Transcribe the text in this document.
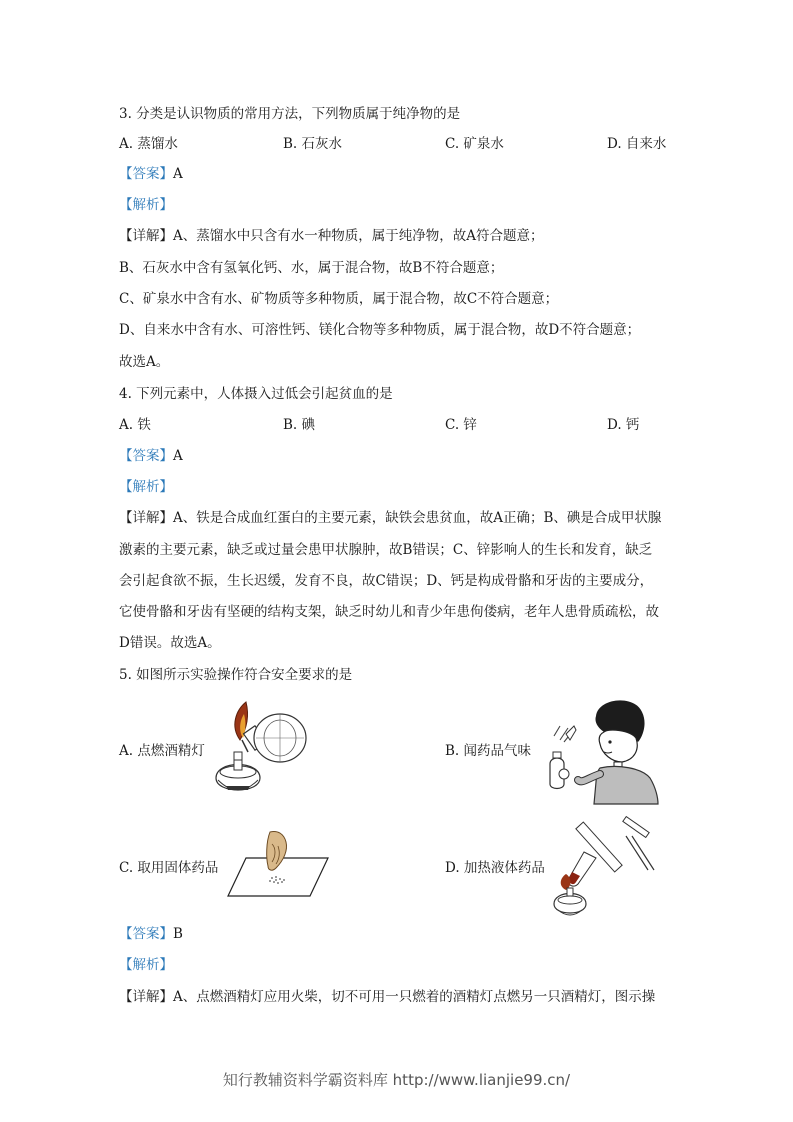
3. 分类是认识物质的常用方法，下列物质属于纯净物的是
A. 蒸馏水	B. 石灰水	C. 矿泉水	D. 自来水
【答案】A
【解析】
【详解】A、蒸馏水中只含有水一种物质，属于纯净物，故A符合题意；
B、石灰水中含有氢氧化钙、水，属于混合物，故B不符合题意；
C、矿泉水中含有水、矿物质等多种物质，属于混合物，故C不符合题意；
D、自来水中含有水、可溶性钙、镁化合物等多种物质，属于混合物，故D不符合题意；
故选A。
4. 下列元素中，人体摄入过低会引起贫血的是
A. 铁	B. 碘	C. 锌	D. 钙
【答案】A
【解析】
【详解】A、铁是合成血红蛋白的主要元素，缺铁会患贫血，故A正确；B、碘是合成甲状腺
激素的主要元素，缺乏或过量会患甲状腺肿，故B错误；C、锌影响人的生长和发育，缺乏
会引起食欲不振，生长迟缓，发育不良，故C错误；D、钙是构成骨骼和牙齿的主要成分，
它使骨骼和牙齿有坚硬的结构支架，缺乏时幼儿和青少年患佝偻病，老年人患骨质疏松，故
D错误。故选A。
5. 如图所示实验操作符合安全要求的是
A. 点燃酒精灯	B. 闻药品气味
C. 取用固体药品	D. 加热液体药品
【答案】B
【解析】
【详解】A、点燃酒精灯应用火柴，切不可用一只燃着的酒精灯点燃另一只酒精灯，图示操
知行教辅资料学霸资料库 http://www.lianjie99.cn/
